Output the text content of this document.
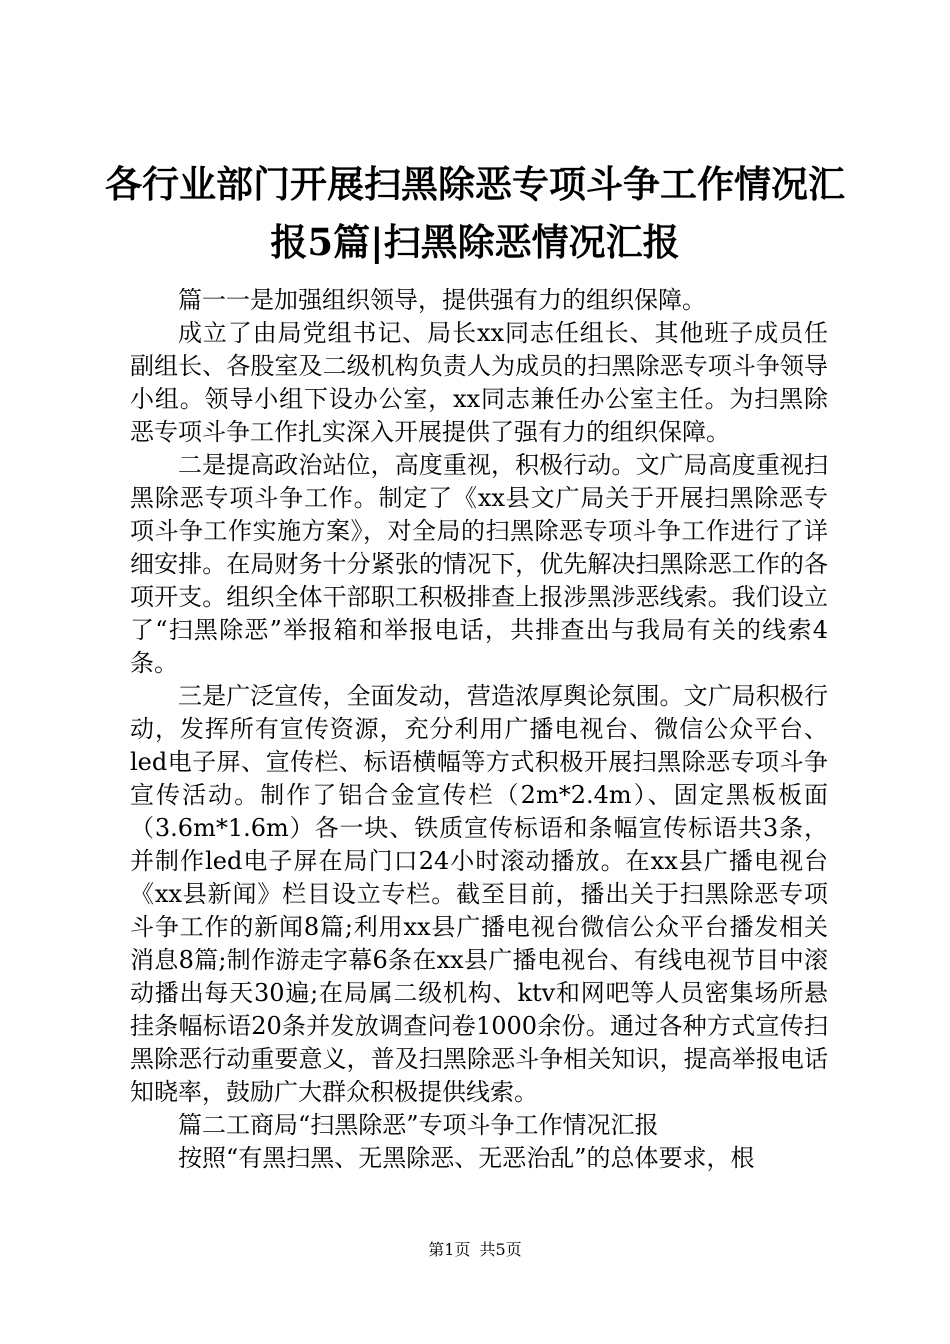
各行业部门开展扫黑除恶专项斗争工作情况汇
报5篇|扫黑除恶情况汇报

篇一一是加强组织领导，提供强有力的组织保障。

成立了由局党组书记、局长xx同志任组长、其他班子成员任副组长、各股室及二级机构负责人为成员的扫黑除恶专项斗争领导小组。领导小组下设办公室，xx同志兼任办公室主任。为扫黑除恶专项斗争工作扎实深入开展提供了强有力的组织保障。

二是提高政治站位，高度重视，积极行动。文广局高度重视扫黑除恶专项斗争工作。制定了《xx县文广局关于开展扫黑除恶专项斗争工作实施方案》，对全局的扫黑除恶专项斗争工作进行了详细安排。在局财务十分紧张的情况下，优先解决扫黑除恶工作的各项开支。组织全体干部职工积极排查上报涉黑涉恶线索。我们设立了“扫黑除恶”举报箱和举报电话，共排查出与我局有关的线索4条。

三是广泛宣传，全面发动，营造浓厚舆论氛围。文广局积极行动，发挥所有宣传资源，充分利用广播电视台、微信公众平台、led电子屏、宣传栏、标语横幅等方式积极开展扫黑除恶专项斗争宣传活动。制作了铝合金宣传栏（2m*2.4m）、固定黑板板面（3.6m*1.6m）各一块、铁质宣传标语和条幅宣传标语共3条，并制作led电子屏在局门口24小时滚动播放。在xx县广播电视台《xx县新闻》栏目设立专栏。截至目前，播出关于扫黑除恶专项斗争工作的新闻8篇;利用xx县广播电视台微信公众平台播发相关消息8篇;制作游走字幕6条在xx县广播电视台、有线电视节目中滚动播出每天30遍;在局属二级机构、ktv和网吧等人员密集场所悬挂条幅标语20条并发放调查问卷1000余份。通过各种方式宣传扫黑除恶行动重要意义，普及扫黑除恶斗争相关知识，提高举报电话知晓率，鼓励广大群众积极提供线索。

篇二工商局“扫黑除恶”专项斗争工作情况汇报

按照“有黑扫黑、无黑除恶、无恶治乱”的总体要求，根

第1页 共5页
